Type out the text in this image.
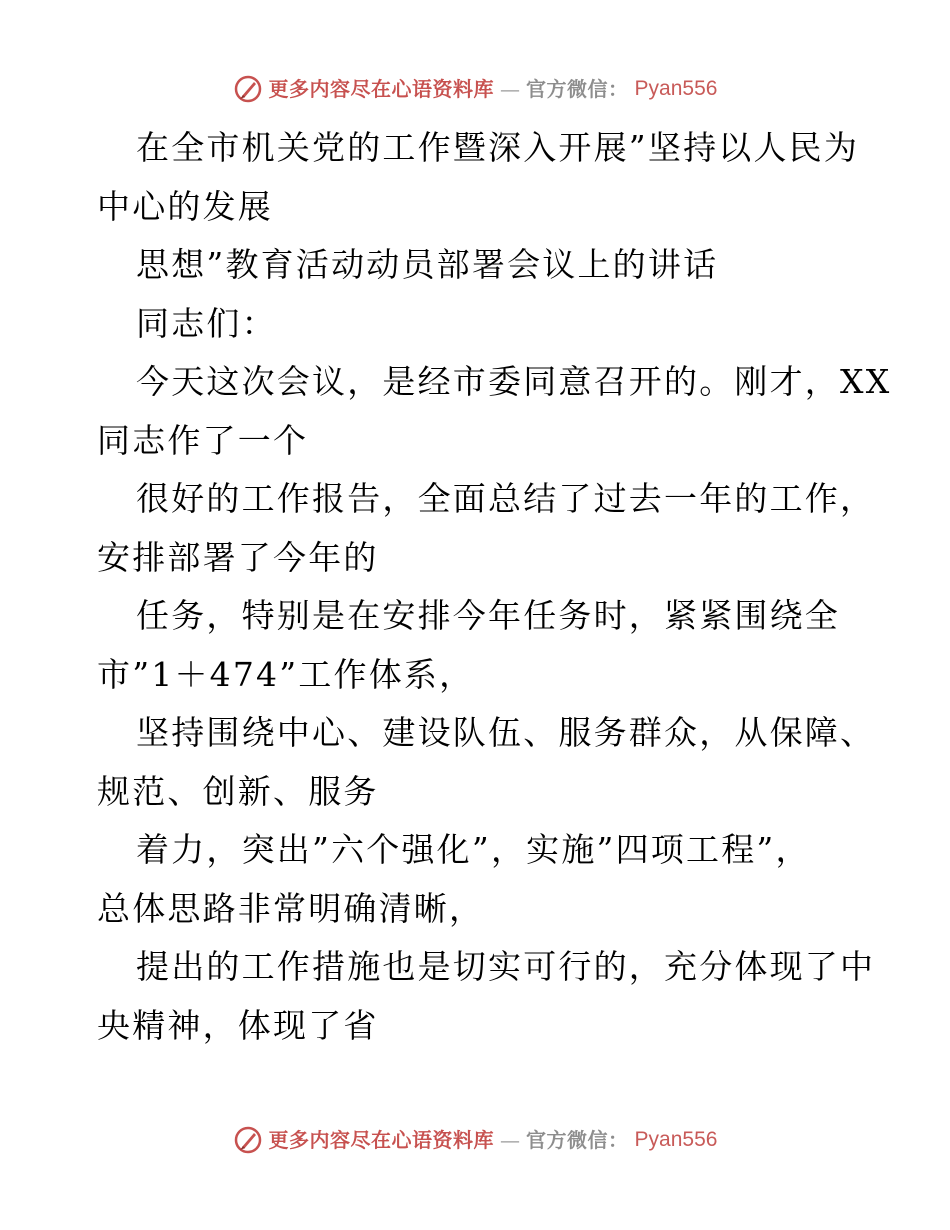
更多内容尽在心语资料库 — 官方微信： Pyan556
在全市机关党的工作暨深入开展”坚持以人民为
中心的发展
思想”教育活动动员部署会议上的讲话
同志们：
今天这次会议，是经市委同意召开的。刚才，XX
同志作了一个
很好的工作报告，全面总结了过去一年的工作，
安排部署了今年的
任务，特别是在安排今年任务时，紧紧围绕全
市”1＋474”工作体系，
坚持围绕中心、建设队伍、服务群众，从保障、
规范、创新、服务
着力，突出”六个强化”，实施”四项工程”，
总体思路非常明确清晰，
提出的工作措施也是切实可行的，充分体现了中
央精神，体现了省
更多内容尽在心语资料库 — 官方微信： Pyan556
